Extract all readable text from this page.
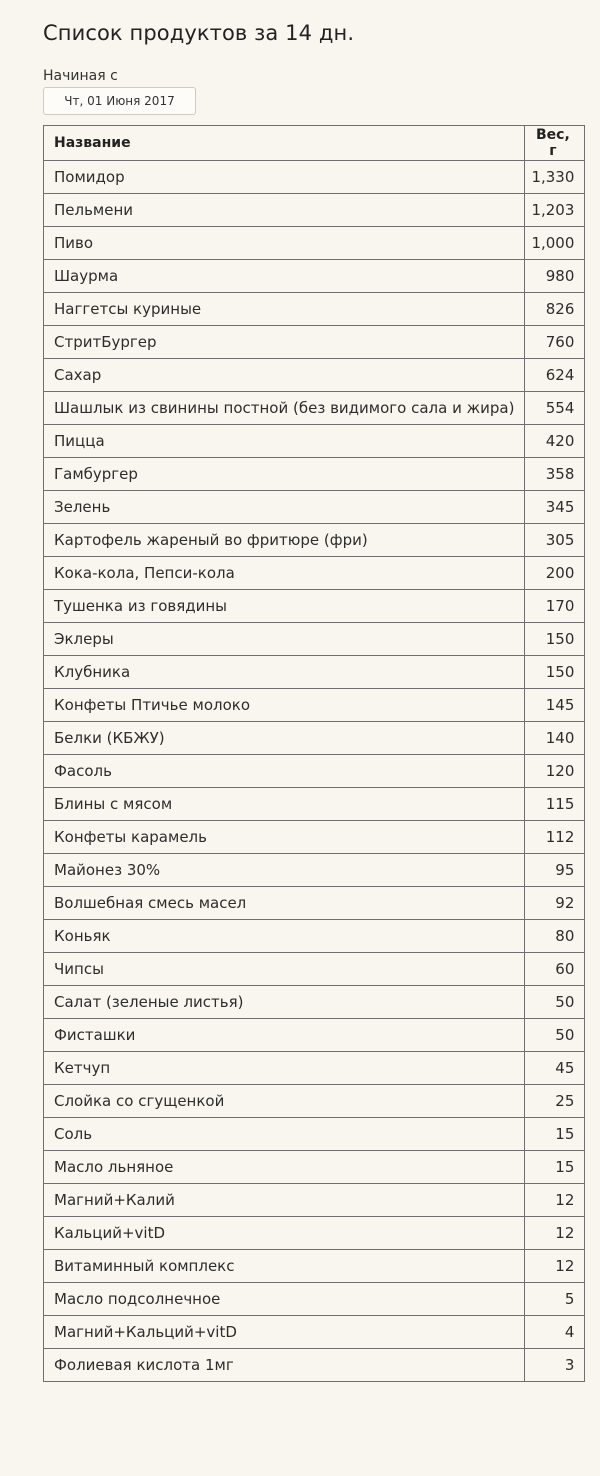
Список продуктов за 14 дн.
Начиная с
Чт, 01 Июня 2017
Название	Вес, г
Помидор	1,330
Пельмени	1,203
Пиво	1,000
Шаурма	980
Наггетсы куриные	826
СтритБургер	760
Сахар	624
Шашлык из свинины постной (без видимого сала и жира)	554
Пицца	420
Гамбургер	358
Зелень	345
Картофель жареный во фритюре (фри)	305
Кока-кола, Пепси-кола	200
Тушенка из говядины	170
Эклеры	150
Клубника	150
Конфеты Птичье молоко	145
Белки (КБЖУ)	140
Фасоль	120
Блины с мясом	115
Конфеты карамель	112
Майонез 30%	95
Волшебная смесь масел	92
Коньяк	80
Чипсы	60
Салат (зеленые листья)	50
Фисташки	50
Кетчуп	45
Слойка со сгущенкой	25
Соль	15
Масло льняное	15
Магний+Калий	12
Кальций+vitD	12
Витаминный комплекс	12
Масло подсолнечное	5
Магний+Кальций+vitD	4
Фолиевая кислота 1мг	3
